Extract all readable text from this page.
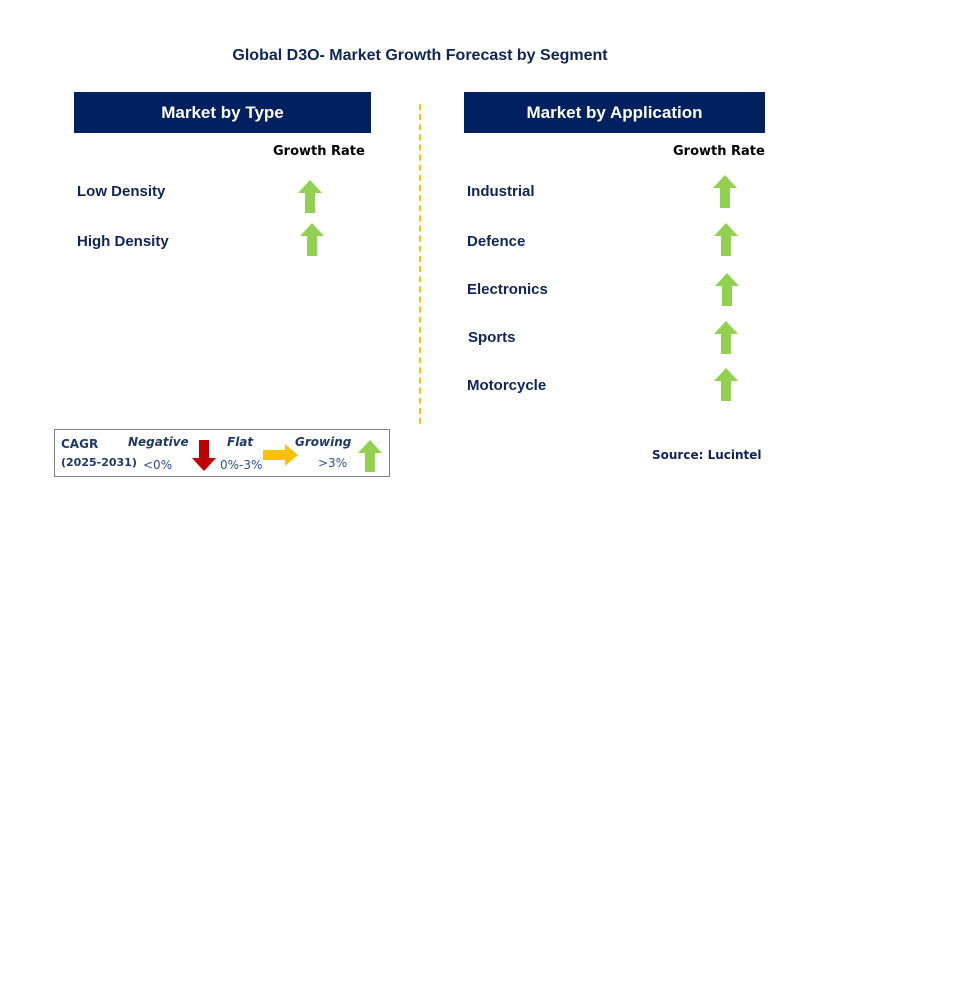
Global D3O- Market Growth Forecast by Segment
Market by Type
Growth Rate
Low Density
High Density
Market by Application
Growth Rate
Industrial
Defence
Electronics
Sports
Motorcycle
CAGR
(2025-2031)
Negative
<0%
Flat
0%-3%
Growing
>3%
Source: Lucintel
